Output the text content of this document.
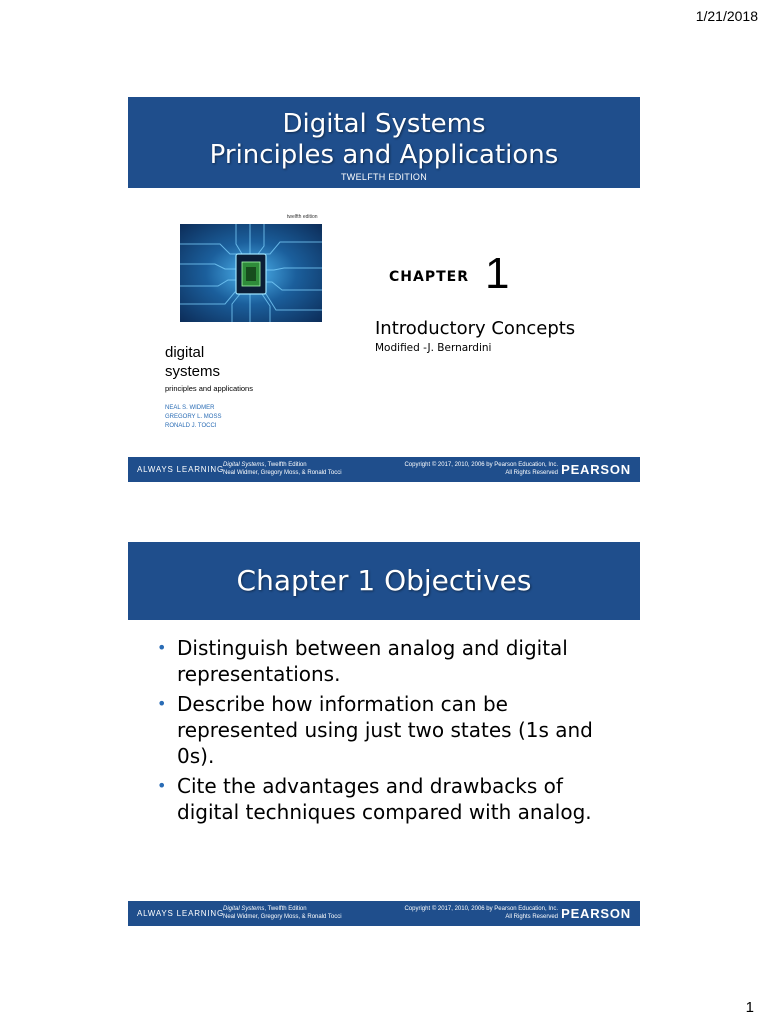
1/21/2018
Digital Systems
Principles and Applications
TWELFTH EDITION
twelfth edition
digital
systems
principles and applications
NEAL S. WIDMER
GREGORY L. MOSS
RONALD J. TOCCI
CHAPTER 1
Introductory Concepts
Modified -J. Bernardini
ALWAYS LEARNING Digital Systems, Twelfth Edition
Neal Widmer, Gregory Moss, & Ronald Tocci
Copyright © 2017, 2010, 2006 by Pearson Education, Inc.
All Rights Reserved PEARSON
Chapter 1 Objectives
• Distinguish between analog and digital representations.
• Describe how information can be represented using just two states (1s and 0s).
• Cite the advantages and drawbacks of digital techniques compared with analog.
ALWAYS LEARNING Digital Systems, Twelfth Edition
Neal Widmer, Gregory Moss, & Ronald Tocci
Copyright © 2017, 2010, 2006 by Pearson Education, Inc.
All Rights Reserved PEARSON
1
